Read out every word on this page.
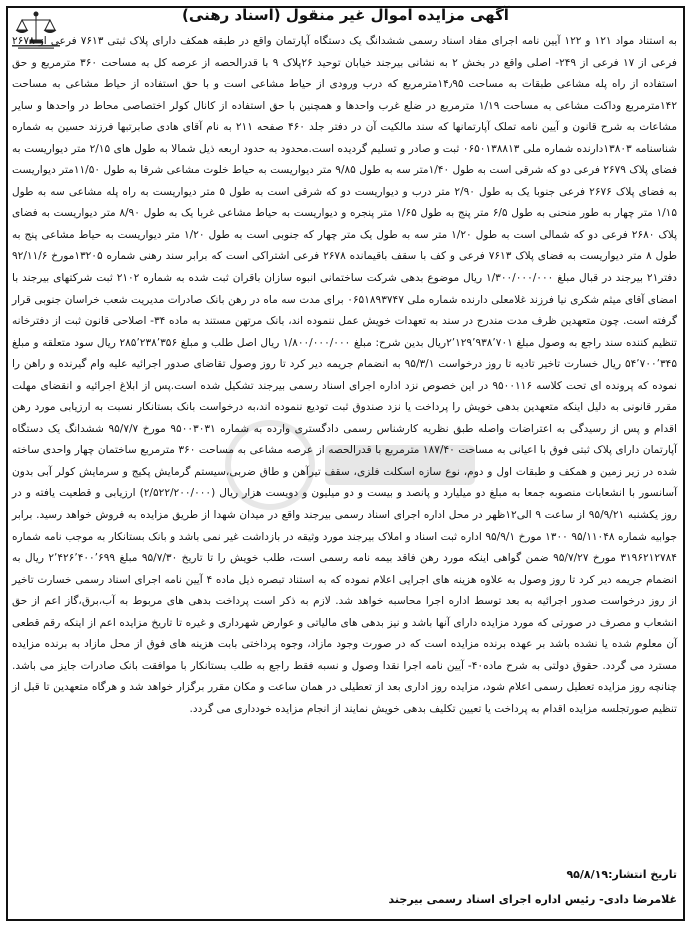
آگهی مزایده اموال غیر منقول (اسناد رهنی)
به استناد مواد ۱۲۱ و ۱۲۲ آیین نامه اجرای مفاد اسناد رسمی ششدانگ یک دستگاه آپارتمان واقع در طبقه همکف دارای پلاک ثبتی ۷۶۱۳ فرعی از ۲۶۷۸ فرعی از ۱۷ فرعی از ۲۴۹- اصلی واقع در بخش ۲ به نشانی بیرجند خیابان توحید ۲۶پلاک ۹ با قدرالحصه از عرصه کل به مساحت ۳۶۰ مترمربع و حق استفاده از راه پله مشاعی طبقات به مساحت ۱۴٫۹۵مترمربع که درب ورودی از حیاط مشاعی است و با حق استفاده از حیاط مشاعی به مساحت ۱۴۲مترمربع وداکت مشاعی به مساحت ۱/۱۹ مترمربع در ضلع غرب واحدها و همچنین با حق استفاده از کانال کولر اختصاصی محاط در واحدها و سایر مشاعات به شرح قانون و آیین نامه تملک آپارتمانها که سند مالکیت آن در دفتر جلد ۴۶۰ صفحه ۲۱۱ به نام آقای هادی صابرتبها فرزند حسین به شماره شناسنامه ۱۳۸۰۳دارنده شماره ملی ۰۶۵۰۱۳۸۸۱۳ ثبت و صادر و تسلیم گردیده است.محدود به حدود اربعه ذیل شمالا به طول های ۲/۱۵ متر دیواریست به فضای پلاک ۲۶۷۹ فرعی دو که شرقی است به طول ۱/۴۰متر سه به طول ۹/۸۵ متر دیواریست به حیاط خلوت مشاعی شرقا به طول ۱۱/۵۰متر دیواریست به فضای پلاک ۲۶۷۶ فرعی جنوبا یک به طول ۲/۹۰ متر درب و دیواریست دو که شرقی است به طول ۵ متر دیواریست به راه پله مشاعی سه به طول ۱/۱۵ متر چهار به طور منحنی به طول ۶/۵ متر پنج به طول ۱/۶۵ متر پنجره و دیواریست به حیاط مشاعی غربا یک به طول ۸/۹۰ متر دیواریست به فضای پلاک ۲۶۸۰ فرعی دو که شمالی است به طول ۱/۲۰ متر سه به طول یک متر چهار که جنوبی است به طول ۱/۲۰ متر دیواریست به حیاط مشاعی پنج به طول ۸ متر دیواریست به فضای پلاک ۷۶۱۳ فرعی و کف با سقف باقیمانده ۲۶۷۸ فرعی اشتراکی است که برابر سند رهنی شماره ۱۳۲۰۵مورخ ۹۲/۱۱/۶ دفتر۲۱ بیرجند در قبال مبلغ ۱/۳۰۰/۰۰۰/۰۰۰ ریال موضوع بدهی شرکت ساختمانی انبوه سازان باقران ثبت شده به شماره ۲۱۰۲ ثبت شرکتهای بیرجند با امضای آقای میثم شکری نیا فرزند غلامعلی دارنده شماره ملی ۰۶۵۱۸۹۳۷۴۷ برای مدت سه ماه در رهن بانک صادرات مدیریت شعب خراسان جنوبی قرار گرفته است. چون متعهدین ظرف مدت مندرج در سند به تعهدات خویش عمل ننموده اند، بانک مرتهن مستند به ماده ۳۴- اصلاحی قانون ثبت از دفترخانه تنظیم کننده سند راجع به وصول مبلغ ۲٬۱۲۹٬۹۳۸٬۷۰۱ریال بدین شرح: مبلغ ۱/۸۰۰/۰۰۰/۰۰۰ ریال اصل طلب و مبلغ ۲۸۵٬۲۳۸٬۳۵۶ ریال سود متعلقه و مبلغ ۵۴٬۷۰۰٬۳۴۵ ریال خسارت تاخیر تادیه تا روز درخواست ۹۵/۳/۱ به انضمام جریمه دیر کرد تا روز وصول تقاضای صدور اجرائیه علیه وام گیرنده و راهن را نموده که پرونده ای تحت کلاسه ۹۵۰۰۱۱۶ در این خصوص نزد اداره اجرای اسناد رسمی بیرجند تشکیل شده است.پس از ابلاغ اجرائیه و انقضای مهلت مقرر قانونی به دلیل اینکه متعهدین بدهی خویش را پرداخت یا نزد صندوق ثبت تودیع ننموده اند،به درخواست بانک بستانکار نسبت به ارزیابی مورد رهن اقدام و پس از رسیدگی به اعتراضات واصله طبق نظریه کارشناس رسمی دادگستری وارده به شماره ۹۵۰۰۳۰۳۱ مورخ ۹۵/۷/۷ ششدانگ یک دستگاه آپارتمان دارای پلاک ثبتی فوق با اعیانی به مساحت ۱۸۷/۴۰ مترمربع با قدرالحصه از عرصه مشاعی به مساحت ۳۶۰ مترمربع ساختمان چهار واحدی ساخته شده در زیر زمین و همکف و طبقات اول و دوم، نوع سازه اسکلت فلزی، سقف تیرآهن و طاق ضربی،سیستم گرمایش پکیج و سرمایش کولر آبی بدون آسانسور با انشعابات منصوبه جمعا به مبلغ دو میلیارد و پانصد و بیست و دو میلیون و دویست هزار ریال (۲/۵۲۲/۲۰۰/۰۰۰) ارزیابی و قطعیت یافته و در روز یکشنبه ۹۵/۹/۲۱ از ساعت ۹ الی۱۲ظهر در محل اداره اجرای اسناد رسمی بیرجند واقع در میدان شهدا از طریق مزایده به فروش خواهد رسید. برابر جوابیه شماره ۹۵/۱۱۰۴۸ ۱۳۰۰ مورخ ۹۵/۹/۱ اداره ثبت اسناد و املاک بیرجند مورد وثیقه در بازداشت غیر نمی باشد و بانک بستانکار به موجب نامه شماره ۳۱۹۶۲۱۲۷۸۴ مورخ ۹۵/۷/۲۷ ضمن گواهی اینکه مورد رهن فاقد بیمه نامه رسمی است، طلب خویش را تا تاریخ ۹۵/۷/۳۰ مبلغ ۲٬۴۲۶٬۴۰۰٬۶۹۹ ریال به انضمام جریمه دیر کرد تا روز وصول به علاوه هزینه های اجرایی اعلام نموده که به استناد تبصره ذیل ماده ۴ آیین نامه اجرای اسناد رسمی خسارت تاخیر از روز درخواست صدور اجرائیه به بعد توسط اداره اجرا محاسبه خواهد شد. لازم به ذکر است پرداخت بدهی های مربوط به آب،برق،گاز اعم از حق انشعاب و مصرف در صورتی که مورد مزایده دارای آنها باشد و نیز بدهی های مالیاتی و عوارض شهرداری و غیره تا تاریخ مزایده اعم از اینکه رقم قطعی آن معلوم شده یا نشده باشد بر عهده برنده مزایده است که در صورت وجود مازاد، وجوه پرداختی بابت هزینه های فوق از محل مازاد به برنده مزایده مسترد می گردد. حقوق دولتی به شرح ماده۴۰- آیین نامه اجرا نقدا وصول و نسبه فقط راجع به طلب بستانکار با موافقت بانک صادرات جایز می باشد. چنانچه روز مزایده تعطیل رسمی اعلام شود، مزایده روز اداری بعد از تعطیلی در همان ساعت و مکان مقرر برگزار خواهد شد و هرگاه متعهدین تا قبل از تنظیم صورتجلسه مزایده اقدام به پرداخت یا تعیین تکلیف بدهی خویش نمایند از انجام مزایده خودداری می گردد.
تاریخ انتشار:۹۵/۸/۱۹
غلامرضا دادی- رئیس اداره اجرای اسناد رسمی بیرجند
